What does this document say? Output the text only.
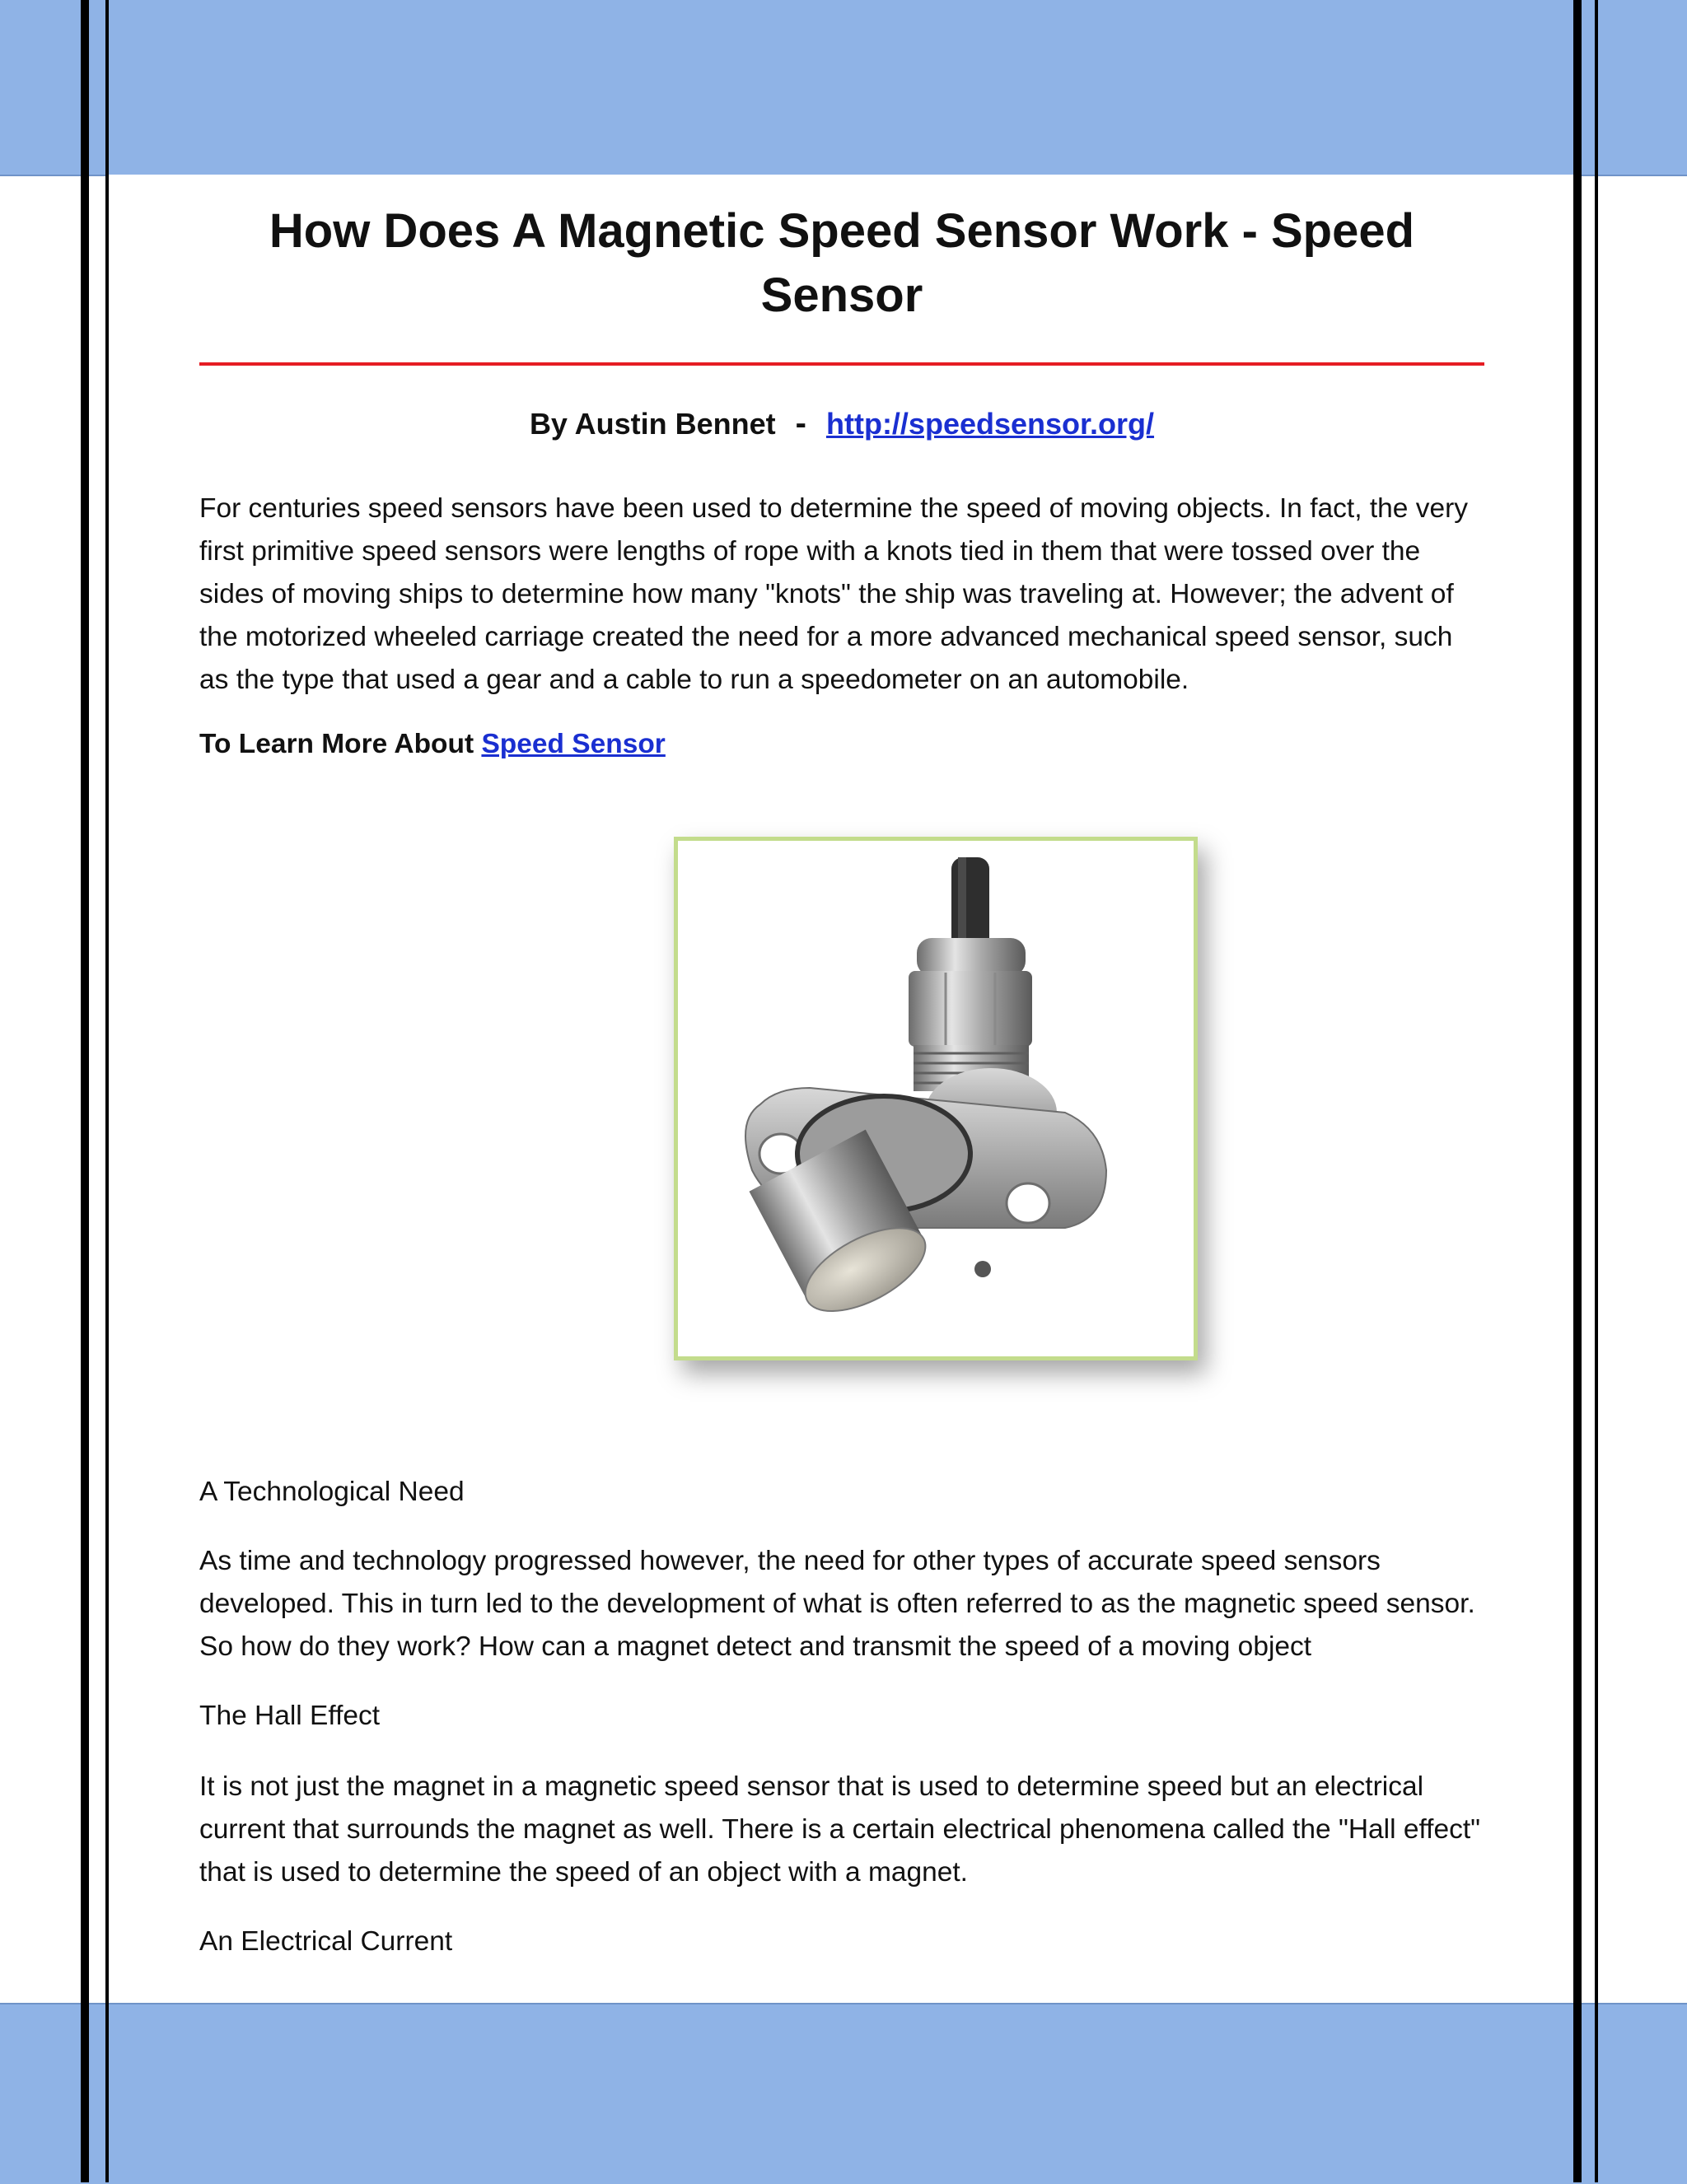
How Does A Magnetic Speed Sensor Work - Speed Sensor
By Austin Bennet - http://speedsensor.org/

For centuries speed sensors have been used to determine the speed of moving objects. In fact, the very first primitive speed sensors were lengths of rope with a knots tied in them that were tossed over the sides of moving ships to determine how many "knots" the ship was traveling at. However; the advent of the motorized wheeled carriage created the need for a more advanced mechanical speed sensor, such as the type that used a gear and a cable to run a speedometer on an automobile.

To Learn More About Speed Sensor

A Technological Need

As time and technology progressed however, the need for other types of accurate speed sensors developed. This in turn led to the development of what is often referred to as the magnetic speed sensor. So how do they work? How can a magnet detect and transmit the speed of a moving object

The Hall Effect

It is not just the magnet in a magnetic speed sensor that is used to determine speed but an electrical current that surrounds the magnet as well. There is a certain electrical phenomena called the "Hall effect" that is used to determine the speed of an object with a magnet.

An Electrical Current
